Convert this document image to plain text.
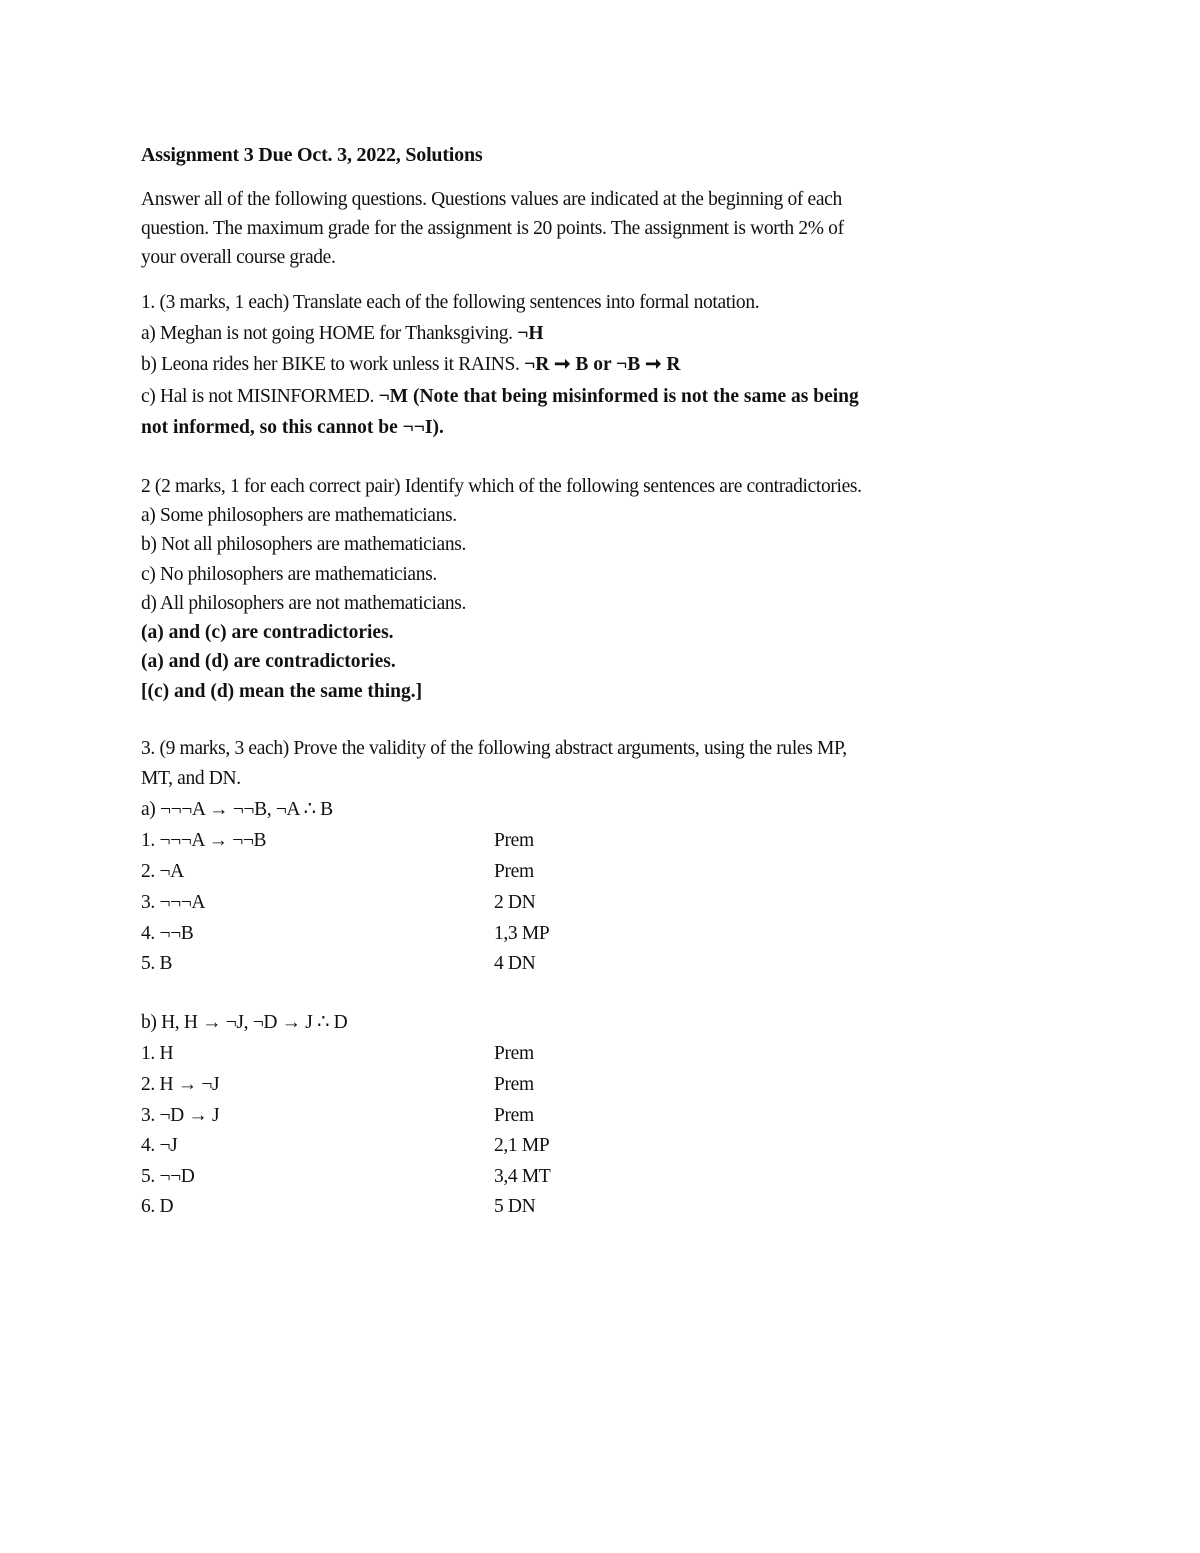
Assignment 3 Due Oct. 3, 2022, Solutions
Answer all of the following questions. Questions values are indicated at the beginning of each
question. The maximum grade for the assignment is 20 points. The assignment is worth 2% of
your overall course grade.
1. (3 marks, 1 each) Translate each of the following sentences into formal notation.
a) Meghan is not going HOME for Thanksgiving. ¬H
b) Leona rides her BIKE to work unless it RAINS. ¬R ➞ B or ¬B ➞ R
c) Hal is not MISINFORMED. ¬M (Note that being misinformed is not the same as being
not informed, so this cannot be ¬¬I).
2 (2 marks, 1 for each correct pair) Identify which of the following sentences are contradictories.
a) Some philosophers are mathematicians.
b) Not all philosophers are mathematicians.
c) No philosophers are mathematicians.
d) All philosophers are not mathematicians.
(a) and (c) are contradictories.
(a) and (d) are contradictories.
[(c) and (d) mean the same thing.]
3. (9 marks, 3 each) Prove the validity of the following abstract arguments, using the rules MP,
MT, and DN.
a) ¬¬¬A → ¬¬B, ¬A ∴ B
1. ¬¬¬A → ¬¬B	Prem
2. ¬A	Prem
3. ¬¬¬A	2 DN
4. ¬¬B	1,3 MP
5. B	4 DN
b) H, H → ¬J, ¬D → J ∴ D
1. H	Prem
2. H → ¬J	Prem
3. ¬D → J	Prem
4. ¬J	2,1 MP
5. ¬¬D	3,4 MT
6. D	5 DN
